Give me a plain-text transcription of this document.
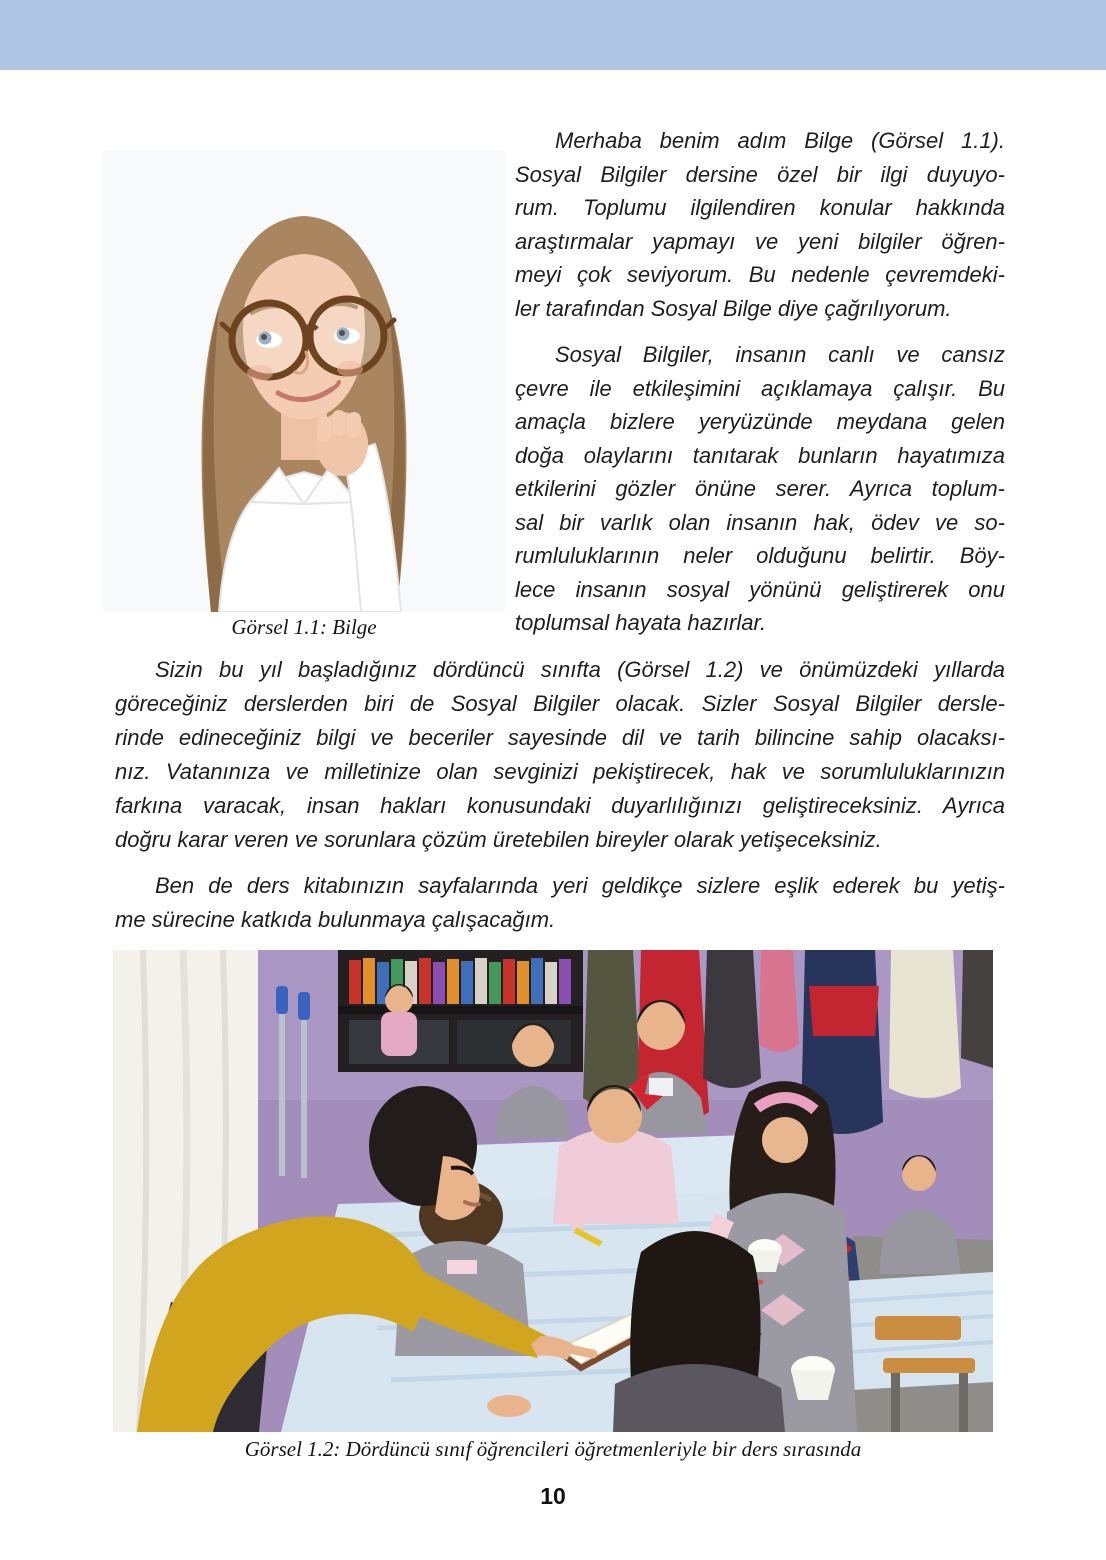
Merhaba benim adım Bilge (Görsel 1.1).
Sosyal Bilgiler dersine özel bir ilgi duyuyo-
rum. Toplumu ilgilendiren konular hakkında
araştırmalar yapmayı ve yeni bilgiler öğren-
meyi çok seviyorum. Bu nedenle çevremdeki-
ler tarafından Sosyal Bilge diye çağrılıyorum.
Sosyal Bilgiler, insanın canlı ve cansız
çevre ile etkileşimini açıklamaya çalışır. Bu
amaçla bizlere yeryüzünde meydana gelen
doğa olaylarını tanıtarak bunların hayatımıza
etkilerini gözler önüne serer. Ayrıca toplum-
sal bir varlık olan insanın hak, ödev ve so-
rumluluklarının neler olduğunu belirtir. Böy-
lece insanın sosyal yönünü geliştirerek onu
toplumsal hayata hazırlar.
Görsel 1.1: Bilge
Sizin bu yıl başladığınız dördüncü sınıfta (Görsel 1.2) ve önümüzdeki yıllarda
göreceğiniz derslerden biri de Sosyal Bilgiler olacak. Sizler Sosyal Bilgiler dersle-
rinde edineceğiniz bilgi ve beceriler sayesinde dil ve tarih bilincine sahip olacaksı-
nız. Vatanınıza ve milletinize olan sevginizi pekiştirecek, hak ve sorumluluklarınızın
farkına varacak, insan hakları konusundaki duyarlılığınızı geliştireceksiniz. Ayrıca
doğru karar veren ve sorunlara çözüm üretebilen bireyler olarak yetişeceksiniz.
Ben de ders kitabınızın sayfalarında yeri geldikçe sizlere eşlik ederek bu yetiş-
me sürecine katkıda bulunmaya çalışacağım.
Görsel 1.2: Dördüncü sınıf öğrencileri öğretmenleriyle bir ders sırasında
10
